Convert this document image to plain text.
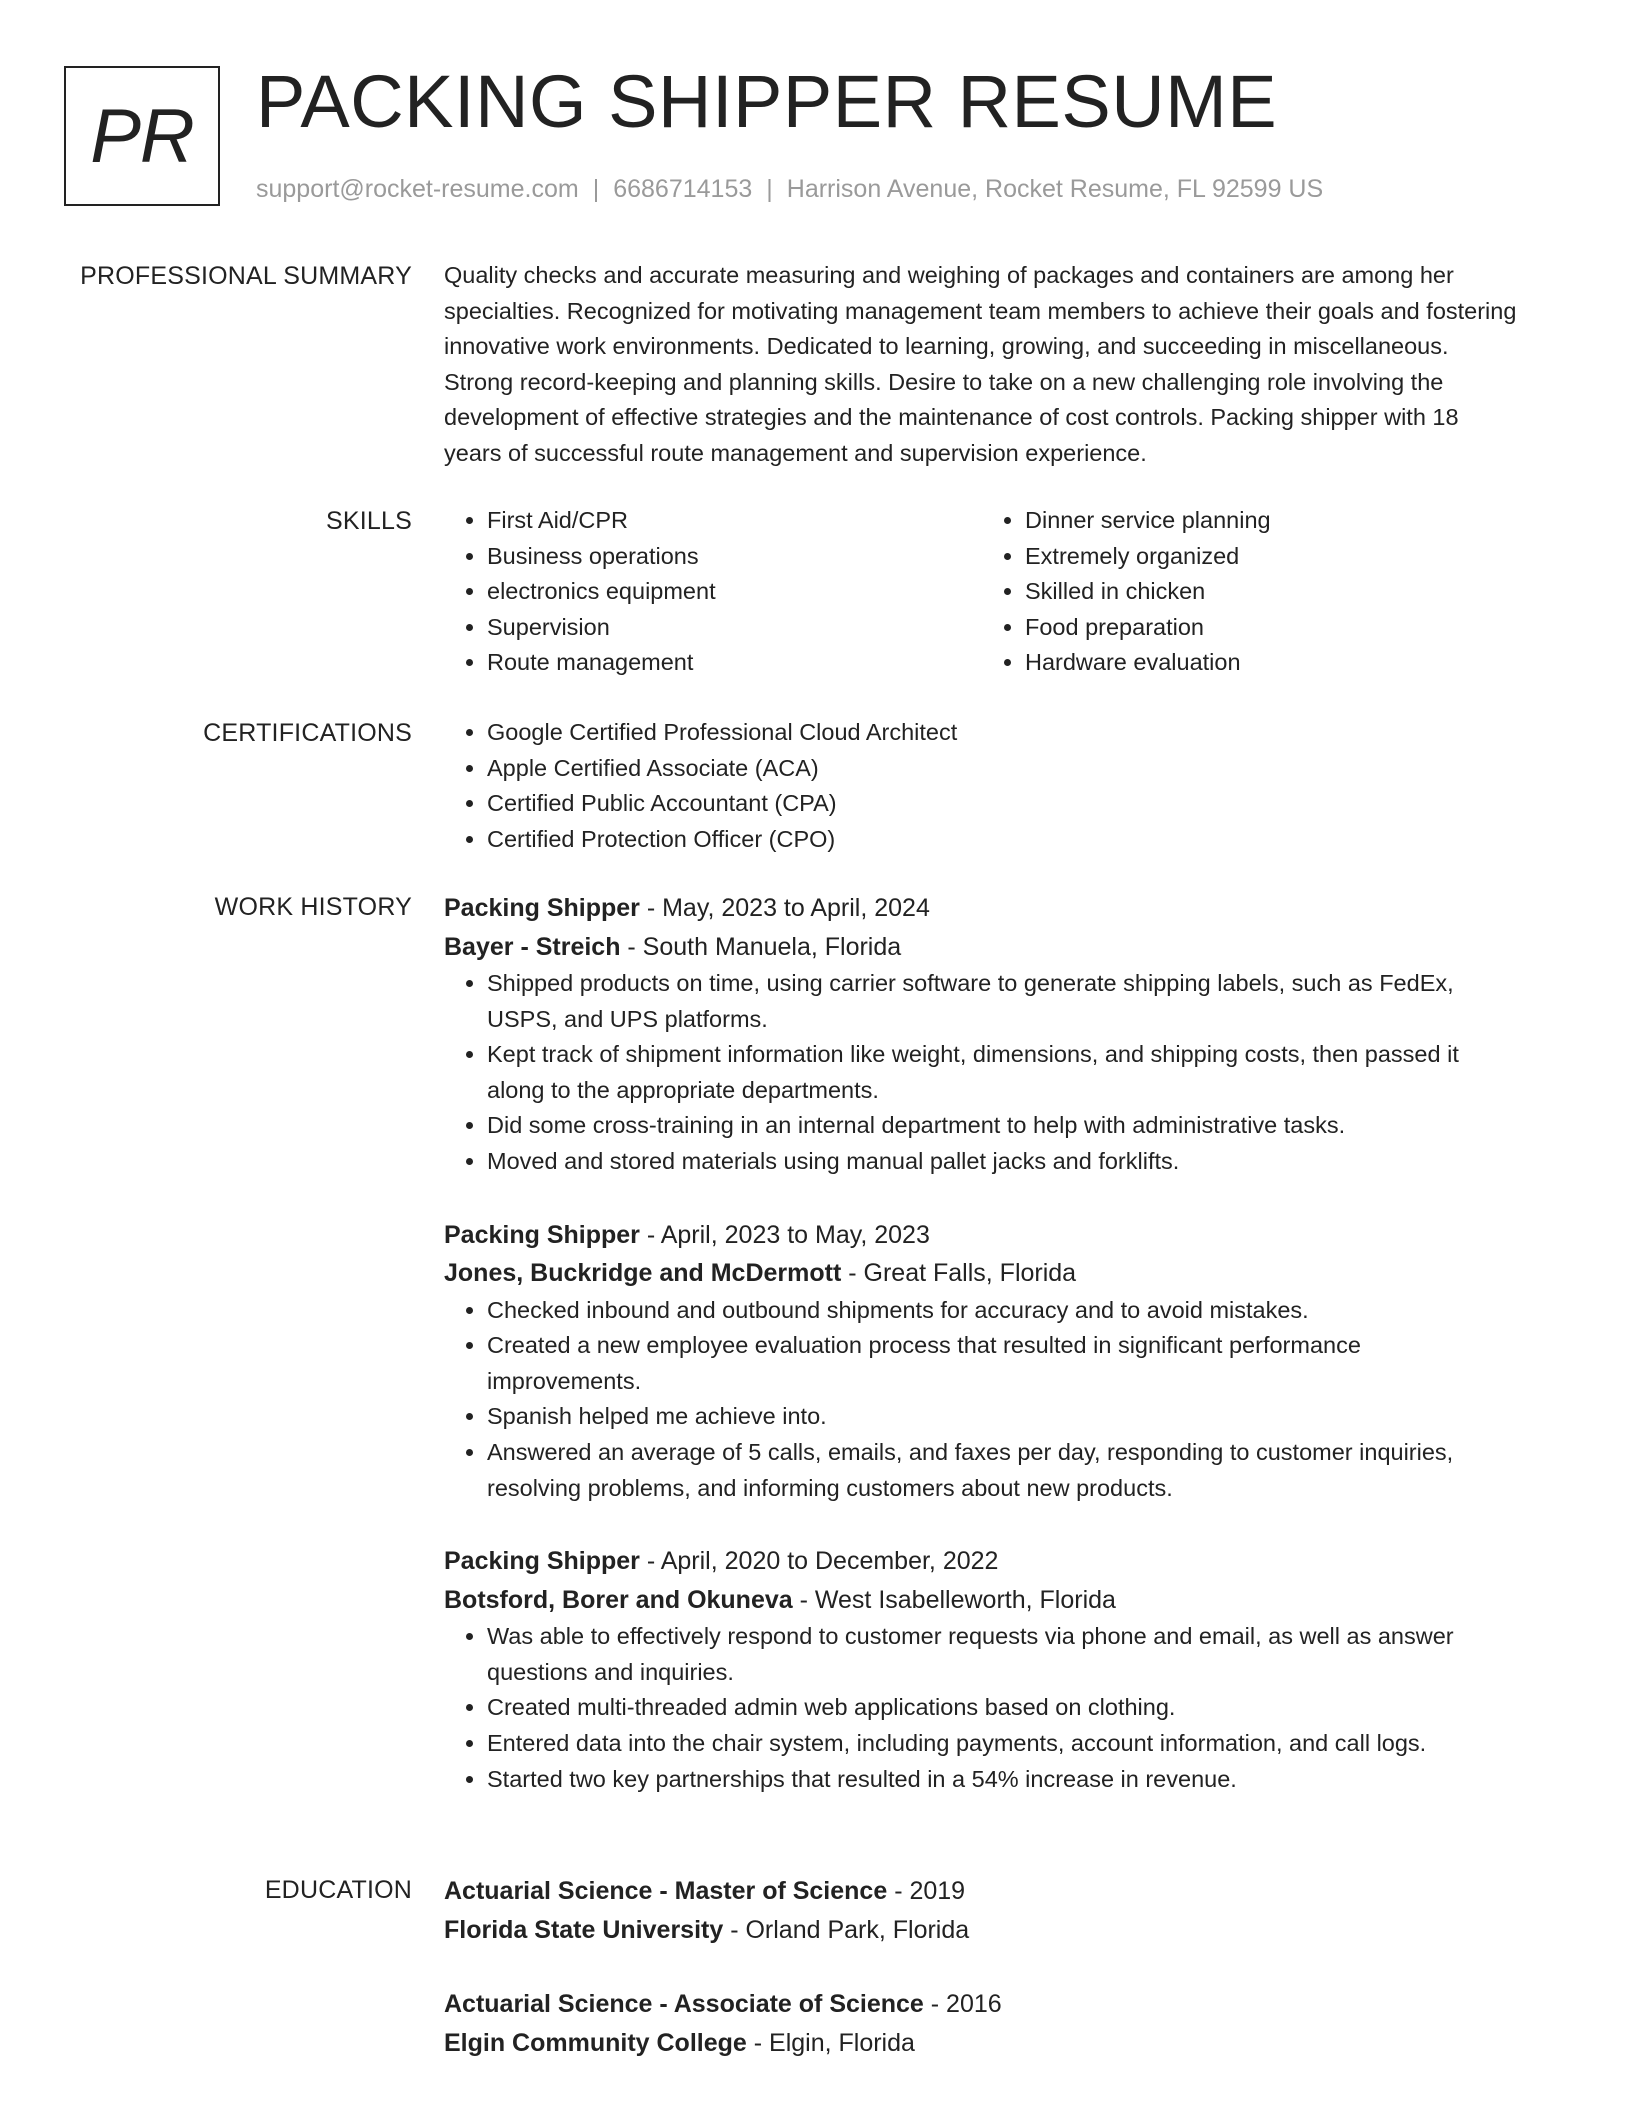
PR PACKING SHIPPER RESUME
support@rocket-resume.com | 6686714153 | Harrison Avenue, Rocket Resume, FL 92599 US
PROFESSIONAL SUMMARY Quality checks and accurate measuring and weighing of packages and containers are among her specialties. Recognized for motivating management team members to achieve their goals and fostering innovative work environments. Dedicated to learning, growing, and succeeding in miscellaneous. Strong record-keeping and planning skills. Desire to take on a new challenging role involving the development of effective strategies and the maintenance of cost controls. Packing shipper with 18 years of successful route management and supervision experience.

SKILLS	• First Aid/CPR
• Business operations
• electronics equipment
• Supervision
• Route management
• Dinner service planning
• Extremely organized
• Skilled in chicken
• Food preparation
• Hardware evaluation
CERTIFICATIONS	• Google Certified Professional Cloud Architect
• Apple Certified Associate (ACA)
• Certified Public Accountant (CPA)
• Certified Protection Officer (CPO)
WORK HISTORY Packing Shipper - May, 2023 to April, 2024
Bayer - Streich - South Manuela, Florida
• Shipped products on time, using carrier software to generate shipping labels, such as FedEx, USPS, and UPS platforms.
• Kept track of shipment information like weight, dimensions, and shipping costs, then passed it along to the appropriate departments.
• Did some cross-training in an internal department to help with administrative tasks.
• Moved and stored materials using manual pallet jacks and forklifts.
Packing Shipper - April, 2023 to May, 2023
Jones, Buckridge and McDermott - Great Falls, Florida
• Checked inbound and outbound shipments for accuracy and to avoid mistakes.
• Created a new employee evaluation process that resulted in significant performance improvements.
• Spanish helped me achieve into.
• Answered an average of 5 calls, emails, and faxes per day, responding to customer inquiries, resolving problems, and informing customers about new products.
Packing Shipper - April, 2020 to December, 2022
Botsford, Borer and Okuneva - West Isabelleworth, Florida
• Was able to effectively respond to customer requests via phone and email, as well as answer questions and inquiries.
• Created multi-threaded admin web applications based on clothing.
• Entered data into the chair system, including payments, account information, and call logs.
• Started two key partnerships that resulted in a 54% increase in revenue.
EDUCATION Actuarial Science - Master of Science - 2019
Florida State University - Orland Park, Florida
Actuarial Science - Associate of Science - 2016
Elgin Community College - Elgin, Florida
